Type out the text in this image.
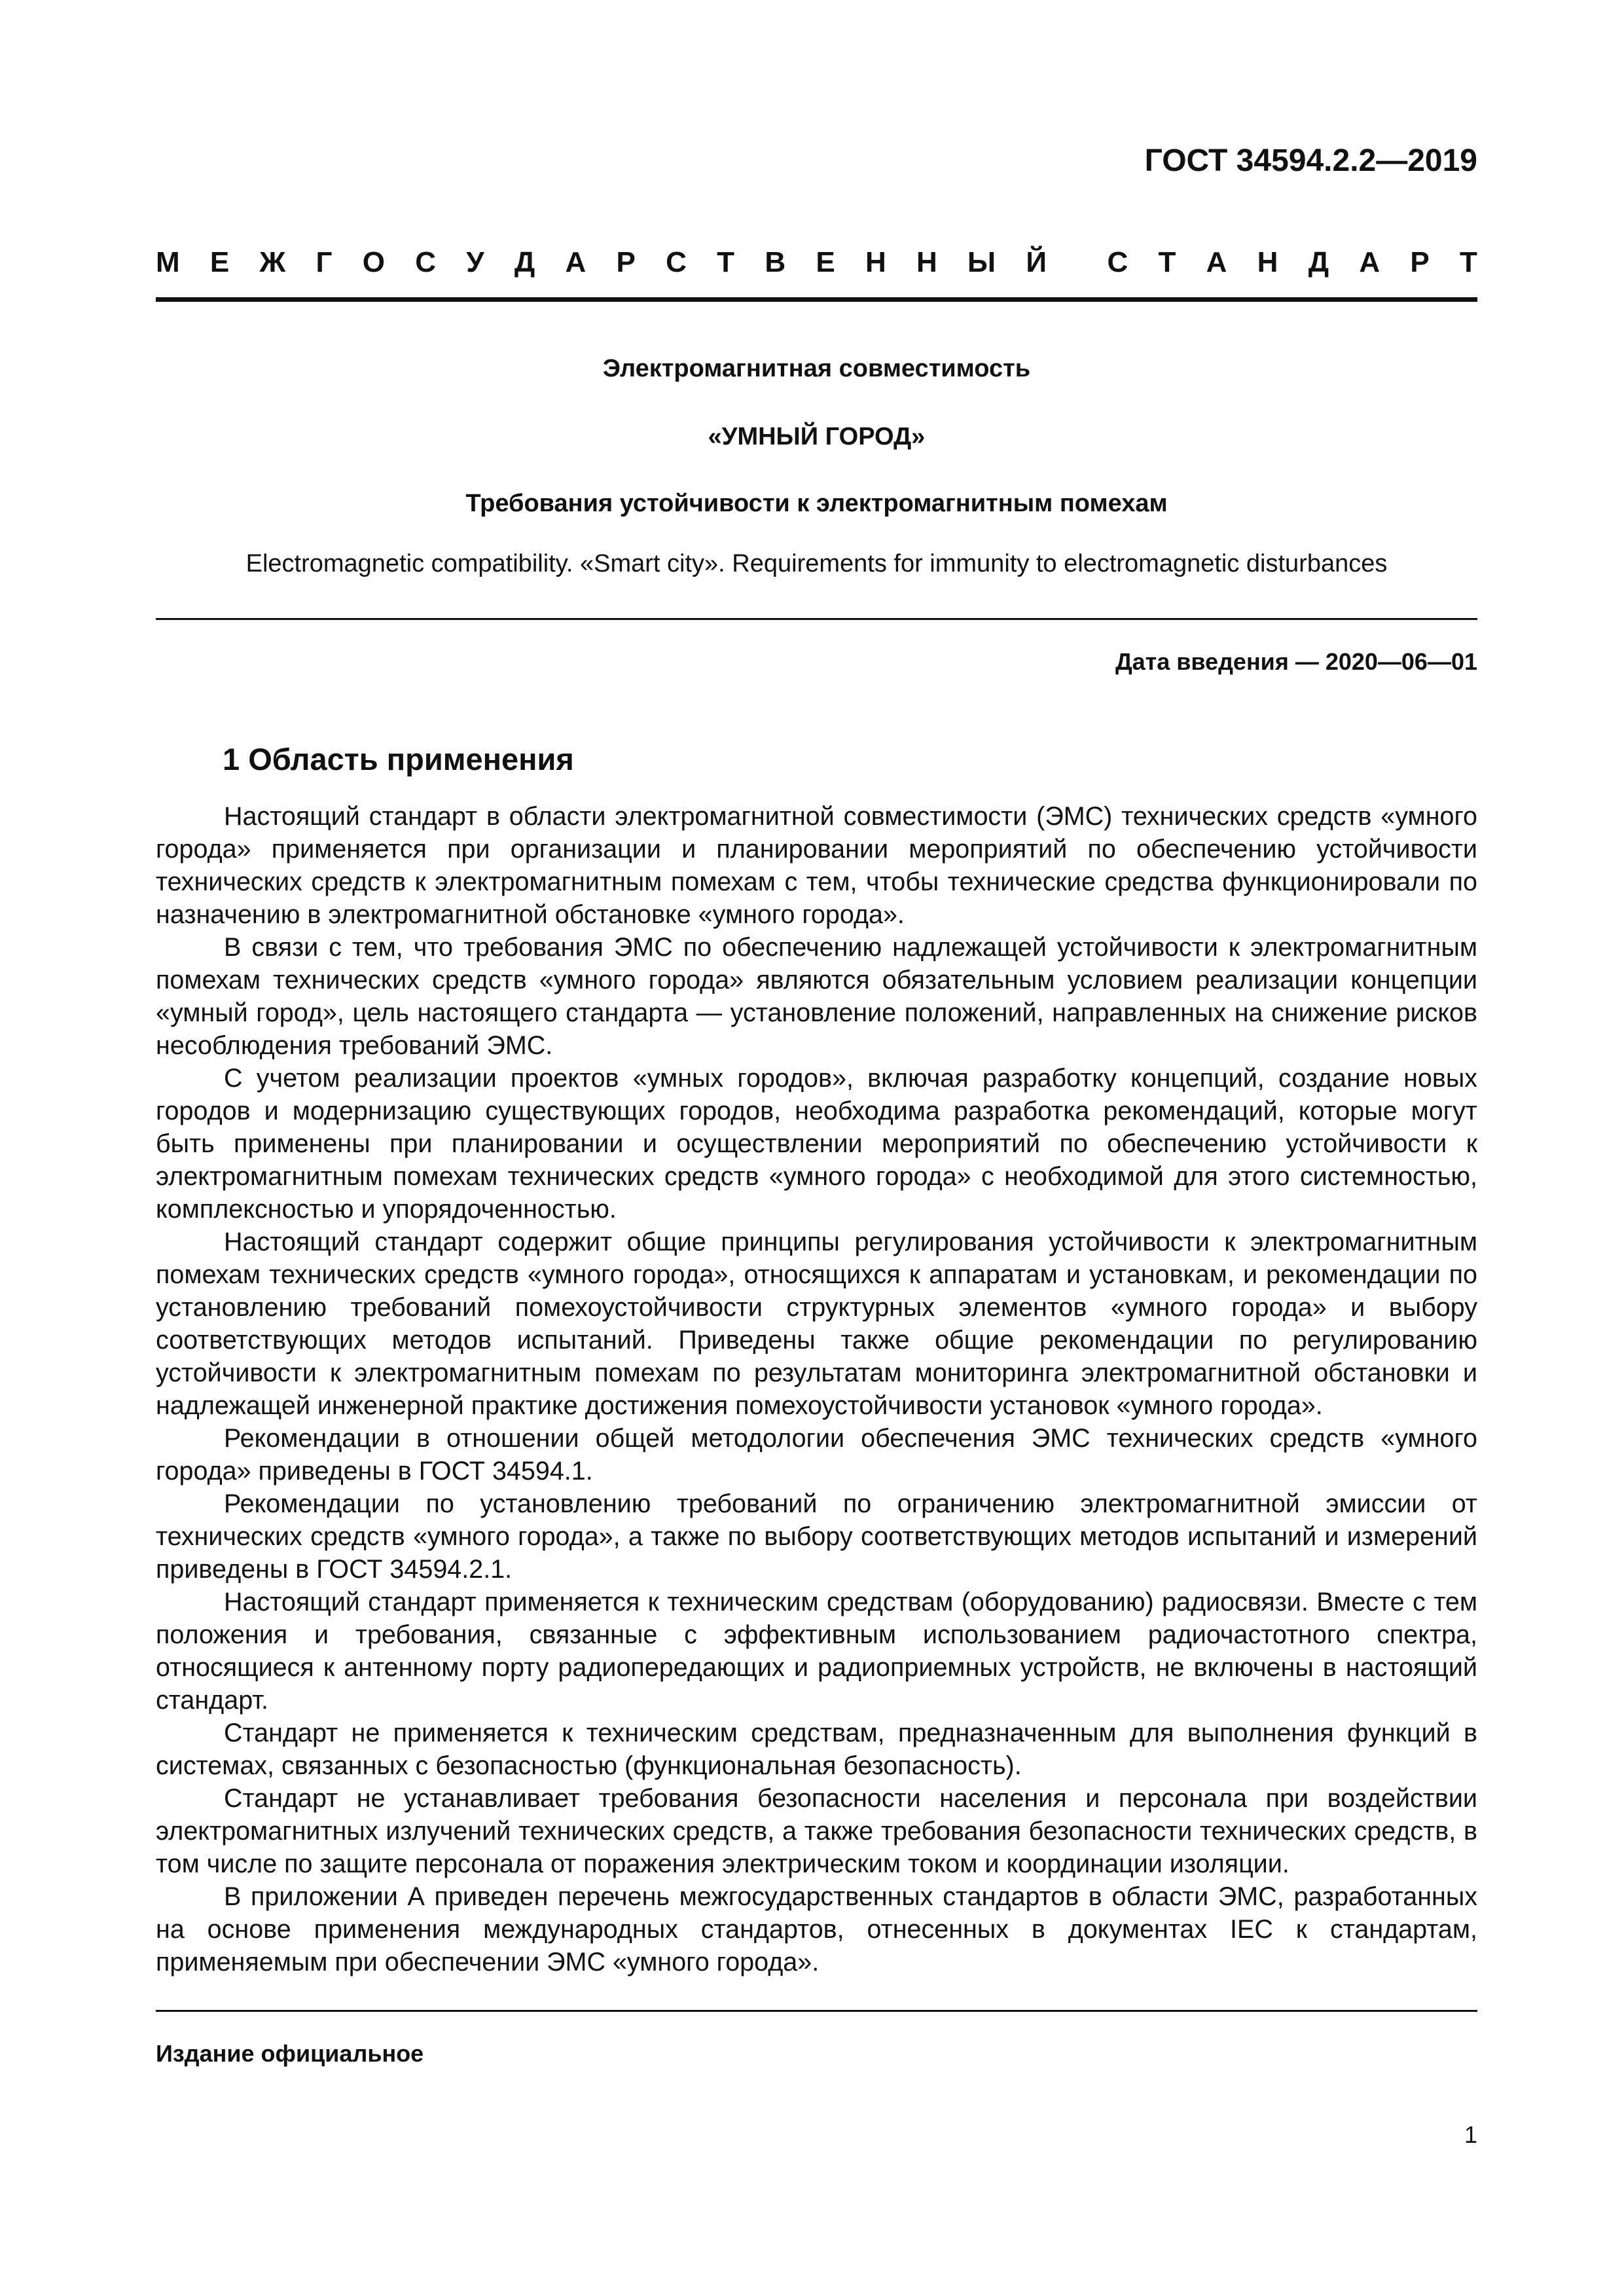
ГОСТ 34594.2.2—2019
М Е Ж Г О С У Д А Р С Т В Е Н Н Ы Й С Т А Н Д А Р Т
Электромагнитная совместимость
«УМНЫЙ ГОРОД»
Требования устойчивости к электромагнитным помехам
Electromagnetic compatibility. «Smart city». Requirements for immunity to electromagnetic disturbances
Дата введения — 2020—06—01
1 Область применения

Настоящий стандарт в области электромагнитной совместимости (ЭМС) технических средств «умного города» применяется при организации и планировании мероприятий по обеспечению устойчивости технических средств к электромагнитным помехам с тем, чтобы технические средства функционировали по назначению в электромагнитной обстановке «умного города».

В связи с тем, что требования ЭМС по обеспечению надлежащей устойчивости к электромагнитным помехам технических средств «умного города» являются обязательным условием реализации концепции «умный город», цель настоящего стандарта — установление положений, направленных на снижение рисков несоблюдения требований ЭМС.

С учетом реализации проектов «умных городов», включая разработку концепций, создание новых городов и модернизацию существующих городов, необходима разработка рекомендаций, которые могут быть применены при планировании и осуществлении мероприятий по обеспечению устойчивости к электромагнитным помехам технических средств «умного города» с необходимой для этого системностью, комплексностью и упорядоченностью.

Настоящий стандарт содержит общие принципы регулирования устойчивости к электромагнитным помехам технических средств «умного города», относящихся к аппаратам и установкам, и рекомендации по установлению требований помехоустойчивости структурных элементов «умного города» и выбору соответствующих методов испытаний. Приведены также общие рекомендации по регулированию устойчивости к электромагнитным помехам по результатам мониторинга электромагнитной обстановки и надлежащей инженерной практике достижения помехоустойчивости установок «умного города».

Рекомендации в отношении общей методологии обеспечения ЭМС технических средств «умного города» приведены в ГОСТ 34594.1.

Рекомендации по установлению требований по ограничению электромагнитной эмиссии от технических средств «умного города», а также по выбору соответствующих методов испытаний и измерений приведены в ГОСТ 34594.2.1.

Настоящий стандарт применяется к техническим средствам (оборудованию) радиосвязи. Вместе с тем положения и требования, связанные с эффективным использованием радиочастотного спектра, относящиеся к антенному порту радиопередающих и радиоприемных устройств, не включены в настоящий стандарт.

Стандарт не применяется к техническим средствам, предназначенным для выполнения функций в системах, связанных с безопасностью (функциональная безопасность).

Стандарт не устанавливает требования безопасности населения и персонала при воздействии электромагнитных излучений технических средств, а также требования безопасности технических средств, в том числе по защите персонала от поражения электрическим током и координации изоляции.

В приложении А приведен перечень межгосударственных стандартов в области ЭМС, разработанных на основе применения международных стандартов, отнесенных в документах IEC к стандартам, применяемым при обеспечении ЭМС «умного города».

Издание официальное
1
